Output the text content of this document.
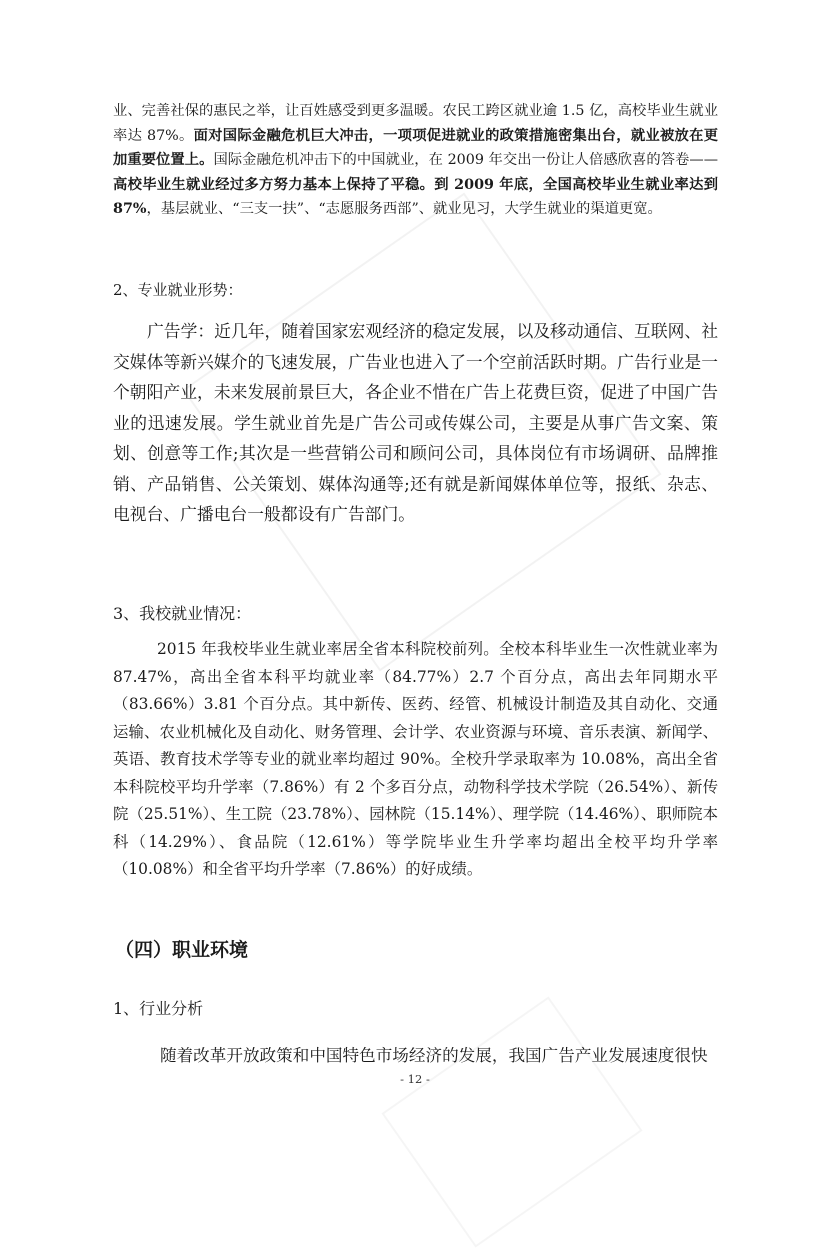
业、完善社保的惠民之举，让百姓感受到更多温暖。农民工跨区就业逾 1.5 亿，高校毕业生就业率达 87%。面对国际金融危机巨大冲击，一项项促进就业的政策措施密集出台，就业被放在更加重要位置上。国际金融危机冲击下的中国就业，在 2009 年交出一份让人倍感欣喜的答卷——高校毕业生就业经过多方努力基本上保持了平稳。到 2009 年底，全国高校毕业生就业率达到 87%，基层就业、“三支一扶”、“志愿服务西部”、就业见习，大学生就业的渠道更宽。
2、专业就业形势：
广告学：近几年，随着国家宏观经济的稳定发展，以及移动通信、互联网、社交媒体等新兴媒介的飞速发展，广告业也进入了一个空前活跃时期。广告行业是一个朝阳产业，未来发展前景巨大，各企业不惜在广告上花费巨资，促进了中国广告业的迅速发展。学生就业首先是广告公司或传媒公司，主要是从事广告文案、策划、创意等工作;其次是一些营销公司和顾问公司，具体岗位有市场调研、品牌推销、产品销售、公关策划、媒体沟通等;还有就是新闻媒体单位等，报纸、杂志、电视台、广播电台一般都设有广告部门。
3、我校就业情况：
2015 年我校毕业生就业率居全省本科院校前列。全校本科毕业生一次性就业率为 87.47%，高出全省本科平均就业率（84.77%）2.7 个百分点，高出去年同期水平（83.66%）3.81 个百分点。其中新传、医药、经管、机械设计制造及其自动化、交通运输、农业机械化及自动化、财务管理、会计学、农业资源与环境、音乐表演、新闻学、英语、教育技术学等专业的就业率均超过 90%。全校升学录取率为 10.08%，高出全省本科院校平均升学率（7.86%）有 2 个多百分点，动物科学技术学院（26.54%）、新传院（25.51%）、生工院（23.78%）、园林院（15.14%）、理学院（14.46%）、职师院本科（14.29%）、食品院（12.61%）等学院毕业生升学率均超出全校平均升学率（10.08%）和全省平均升学率（7.86%）的好成绩。
（四）职业环境
1、行业分析
随着改革开放政策和中国特色市场经济的发展，我国广告产业发展速度很快
- 12 -
